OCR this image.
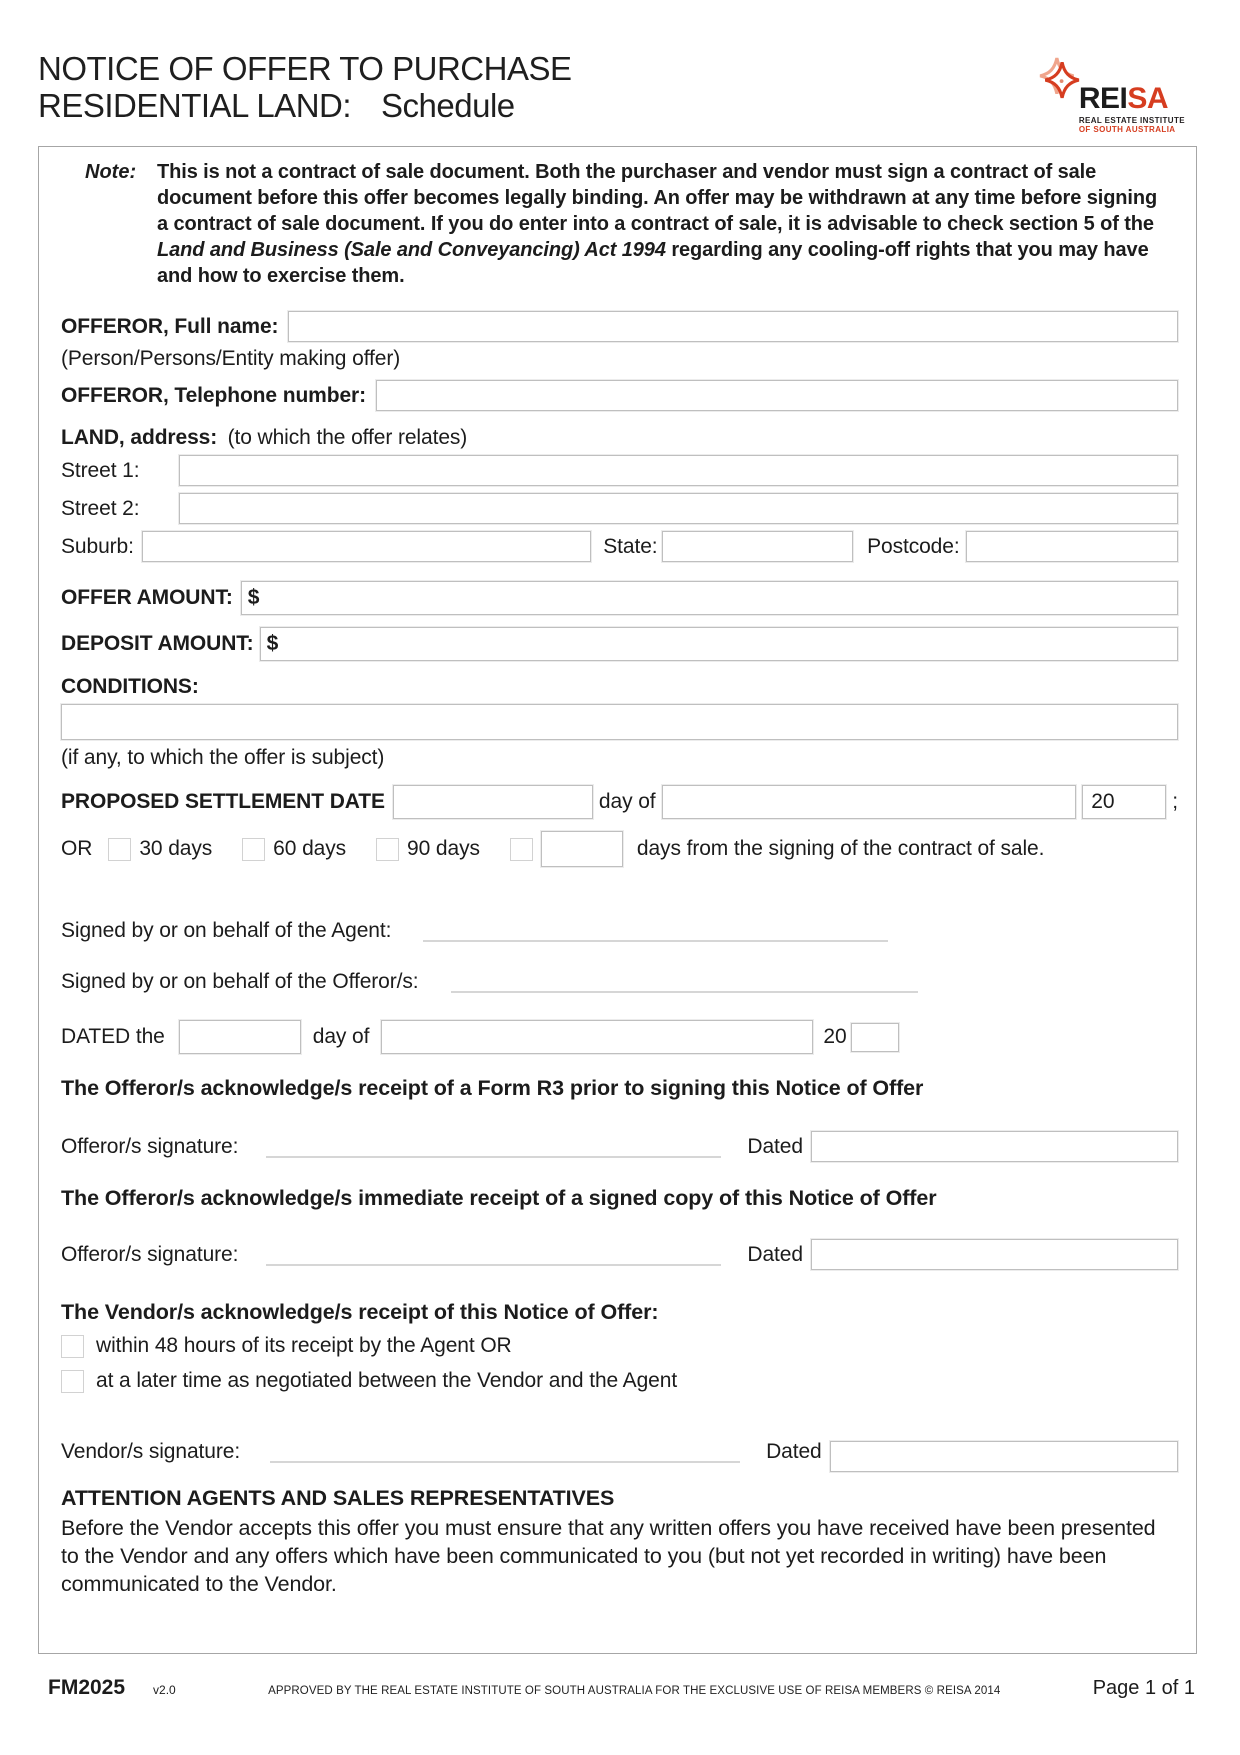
NOTICE OF OFFER TO PURCHASE
RESIDENTIAL LAND: Schedule	REISA
REAL ESTATE INSTITUTE
OF SOUTH AUSTRALIA
Note:	This is not a contract of sale document. Both the purchaser and vendor must sign a contract of sale document before this offer becomes legally binding. An offer may be withdrawn at any time before signing a contract of sale document. If you do enter into a contract of sale, it is advisable to check section 5 of the Land and Business (Sale and Conveyancing) Act 1994 regarding any cooling-off rights that you may have and how to exercise them.
OFFEROR, Full name:
(Person/Persons/Entity making offer)
OFFEROR, Telephone number:
LAND, address: (to which the offer relates)
Street 1:
Street 2:
Suburb:	State:	Postcode:
OFFER AMOUNT: $
DEPOSIT AMOUNT: $
CONDITIONS:
(if any, to which the offer is subject)
PROPOSED SETTLEMENT DATE	day of	20	;
OR 30 days	60 days	90 days	days from the signing of the contract of sale.
Signed by or on behalf of the Agent:
Signed by or on behalf of the Offeror/s:
DATED the	day of	20
The Offeror/s acknowledge/s receipt of a Form R3 prior to signing this Notice of Offer
Offeror/s signature:	Dated
The Offeror/s acknowledge/s immediate receipt of a signed copy of this Notice of Offer
Offeror/s signature:	Dated
The Vendor/s acknowledge/s receipt of this Notice of Offer:
within 48 hours of its receipt by the Agent OR
at a later time as negotiated between the Vendor and the Agent
Vendor/s signature:	Dated
ATTENTION AGENTS AND SALES REPRESENTATIVES
Before the Vendor accepts this offer you must ensure that any written offers you have received have been presented to the Vendor and any offers which have been communicated to you (but not yet recorded in writing) have been communicated to the Vendor.
FM2025 v2.0	APPROVED BY THE REAL ESTATE INSTITUTE OF SOUTH AUSTRALIA FOR THE EXCLUSIVE USE OF REISA MEMBERS © REISA 2014	Page 1 of 1
